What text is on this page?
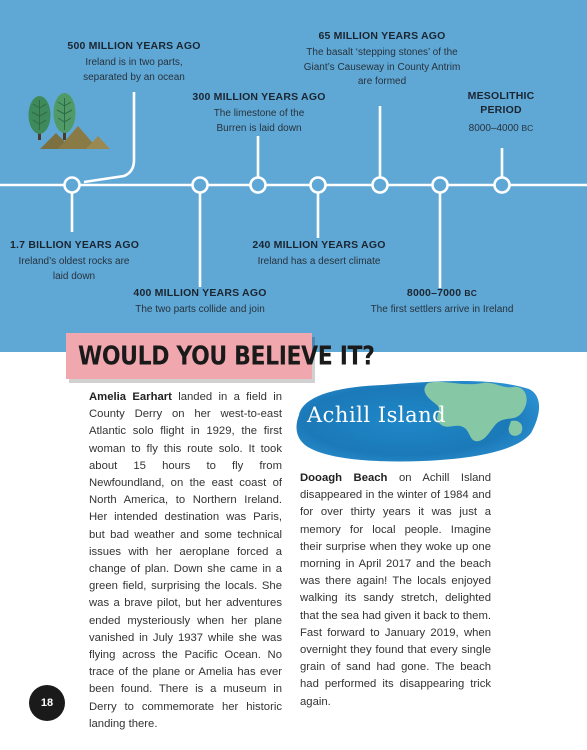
500 MILLION YEARS AGO
Ireland is in two parts, separated by an ocean
300 MILLION YEARS AGO
The limestone of the Burren is laid down
65 MILLION YEARS AGO
The basalt ‘stepping stones’ of the Giant’s Causeway in County Antrim are formed
MESOLITHIC PERIOD
8000–4000 BC
1.7 BILLION YEARS AGO
Ireland’s oldest rocks are laid down
400 MILLION YEARS AGO
The two parts collide and join
240 MILLION YEARS AGO
Ireland has a desert climate
8000–7000 BC
The first settlers arrive in Ireland
WOULD YOU BELIEVE IT?
Amelia Earhart landed in a field in County Derry on her west-to-east Atlantic solo flight in 1929, the first woman to fly this route solo. It took about 15 hours to fly from Newfoundland, on the east coast of North America, to Northern Ireland. Her intended destination was Paris, but bad weather and some technical issues with her aeroplane forced a change of plan. Down she came in a green field, surprising the locals. She was a brave pilot, but her adventures ended mysteriously when her plane vanished in July 1937 while she was flying across the Pacific Ocean. No trace of the plane or Amelia has ever been found. There is a museum in Derry to commemorate her historic landing there.
Achill Island
Dooagh Beach on Achill Island disappeared in the winter of 1984 and for over thirty years it was just a memory for local people. Imagine their surprise when they woke up one morning in April 2017 and the beach was there again! The locals enjoyed walking its sandy stretch, delighted that the sea had given it back to them. Fast forward to January 2019, when overnight they found that every single grain of sand had gone. The beach had performed its disappearing trick again.
18
